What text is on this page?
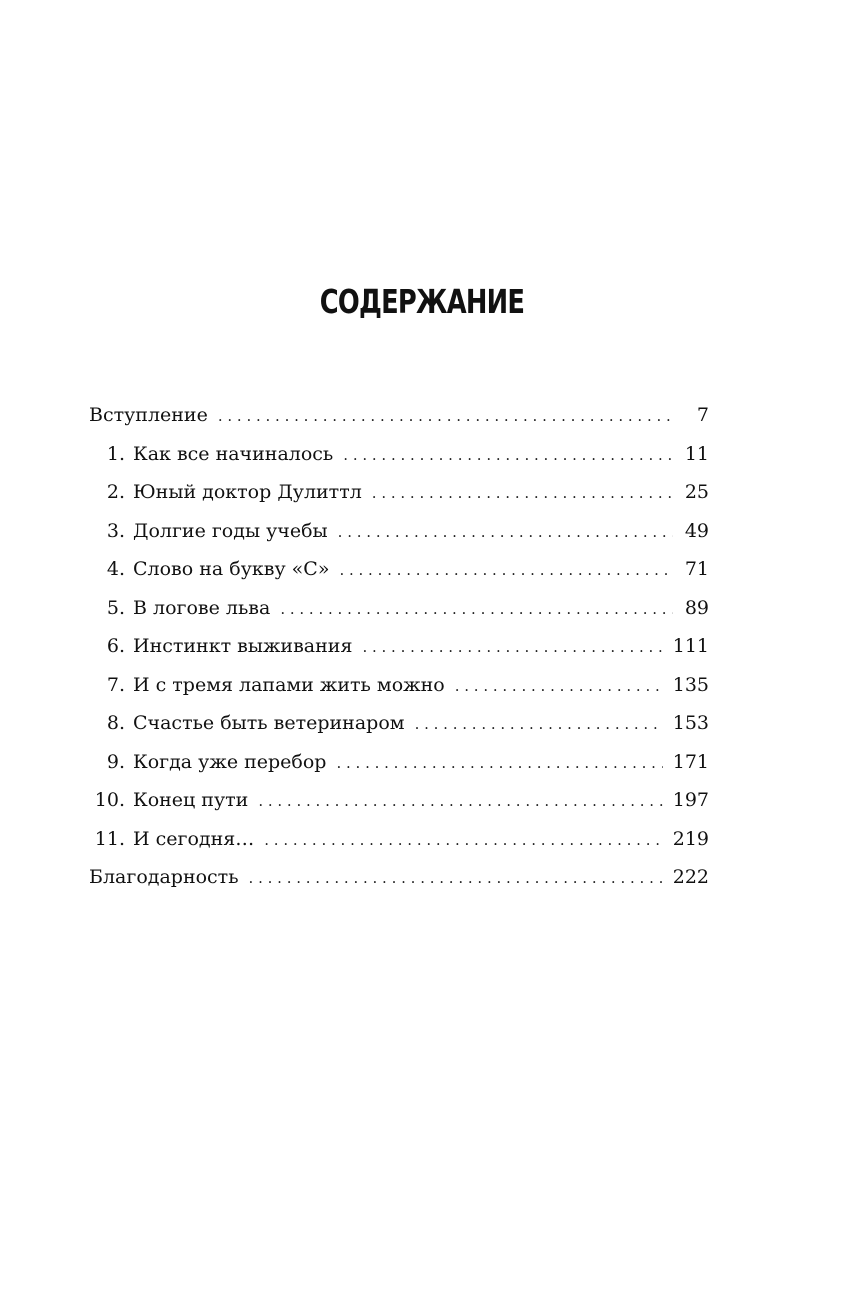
СОДЕРЖАНИЕ
Вступление . . .	7
1. Как все начиналось . . .	11
2. Юный доктор Дулиттл . . .	25
3. Долгие годы учебы . . .	49
4. Слово на букву «С» . . .	71
5. В логове льва . . .	89
6. Инстинкт выживания . . .	111
7. И с тремя лапами жить можно . . .	135
8. Счастье быть ветеринаром . . .	153
9. Когда уже перебор . . .	171
10. Конец пути . . .	197
11. И сегодня… . . .	219
Благодарность . . .	222
